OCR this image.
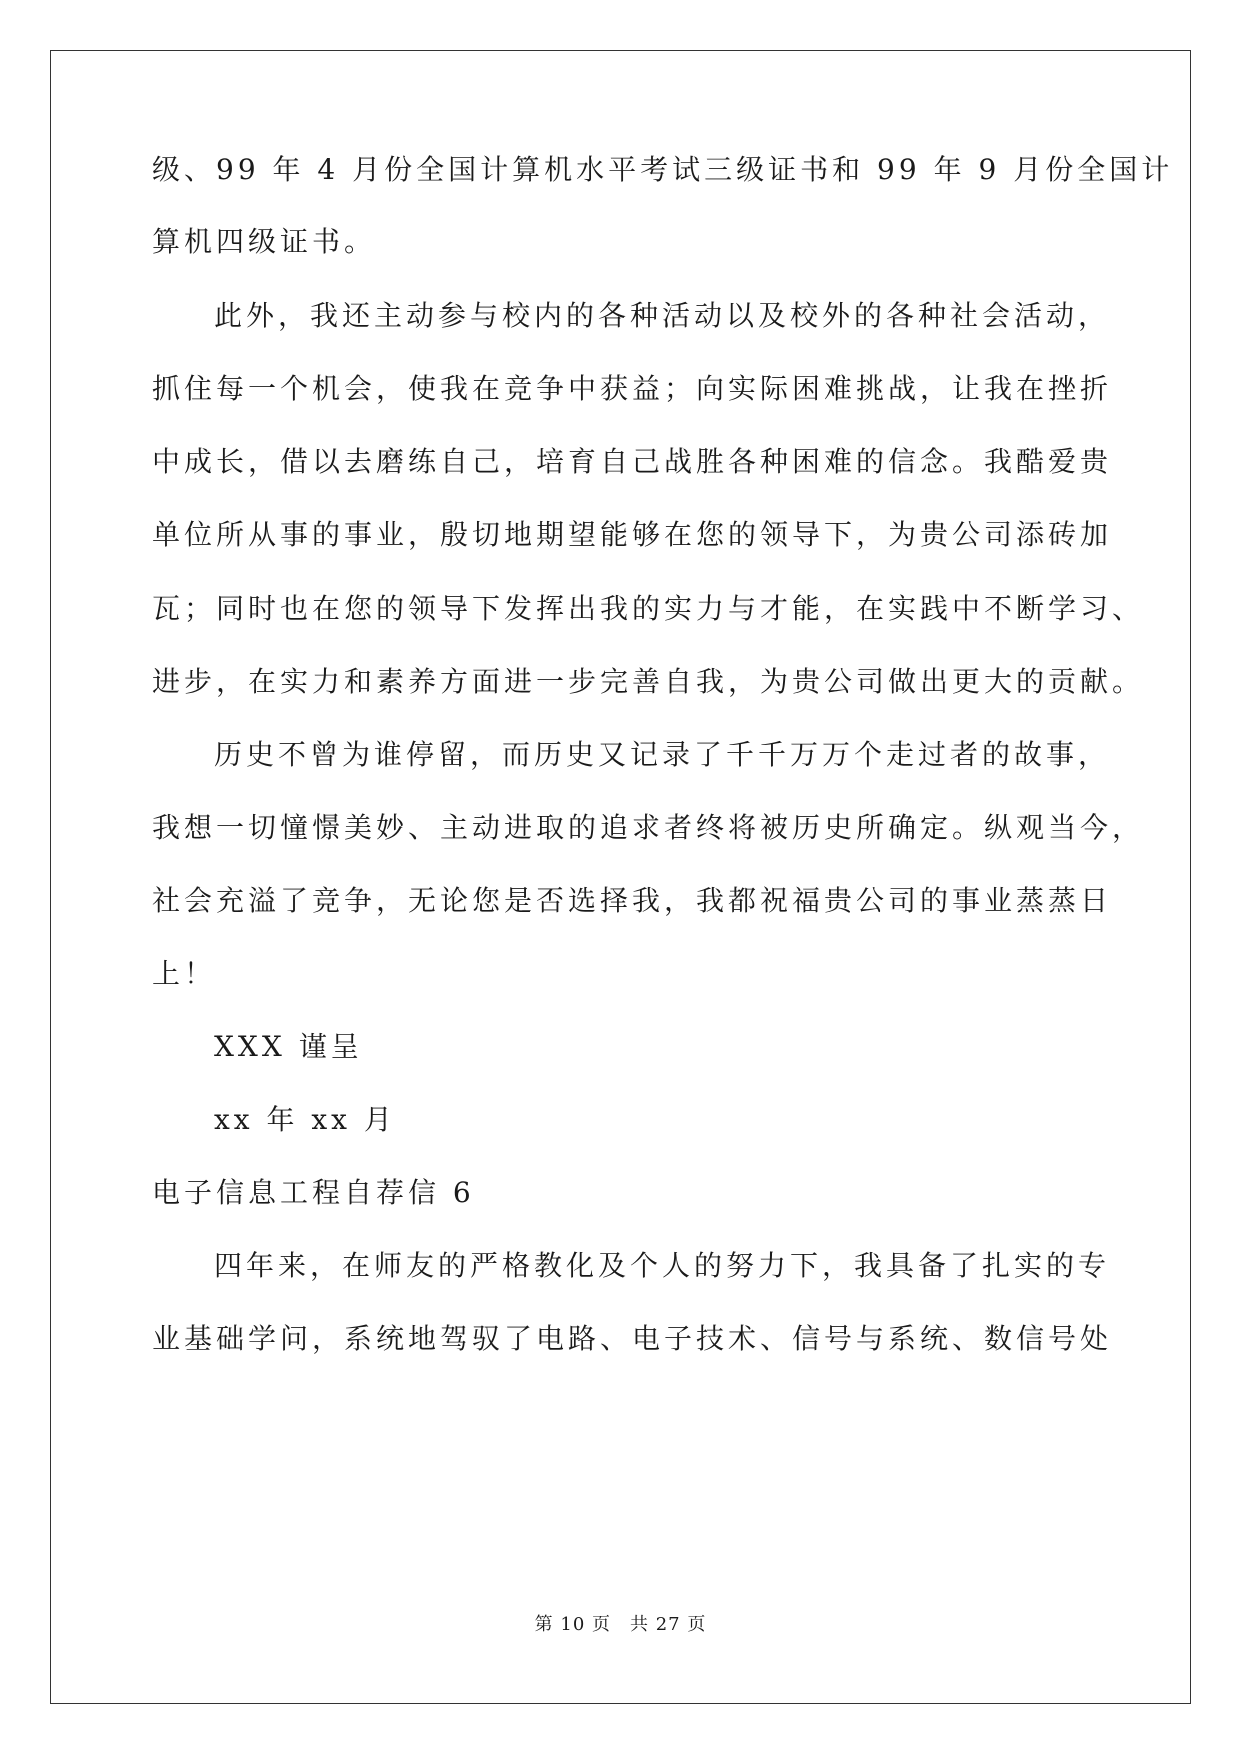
级、99 年 4 月份全国计算机水平考试三级证书和 99 年 9 月份全国计
算机四级证书。
此外，我还主动参与校内的各种活动以及校外的各种社会活动，
抓住每一个机会，使我在竞争中获益；向实际困难挑战，让我在挫折
中成长，借以去磨练自己，培育自己战胜各种困难的信念。我酷爱贵
单位所从事的事业，殷切地期望能够在您的领导下，为贵公司添砖加
瓦；同时也在您的领导下发挥出我的实力与才能，在实践中不断学习、
进步，在实力和素养方面进一步完善自我，为贵公司做出更大的贡献。
历史不曾为谁停留，而历史又记录了千千万万个走过者的故事，
我想一切憧憬美妙、主动进取的追求者终将被历史所确定。纵观当今，
社会充溢了竞争，无论您是否选择我，我都祝福贵公司的事业蒸蒸日
上！
XXX 谨呈
xx 年 xx 月
电子信息工程自荐信 6
四年来，在师友的严格教化及个人的努力下，我具备了扎实的专
业基础学问，系统地驾驭了电路、电子技术、信号与系统、数信号处
第 10 页　共 27 页
